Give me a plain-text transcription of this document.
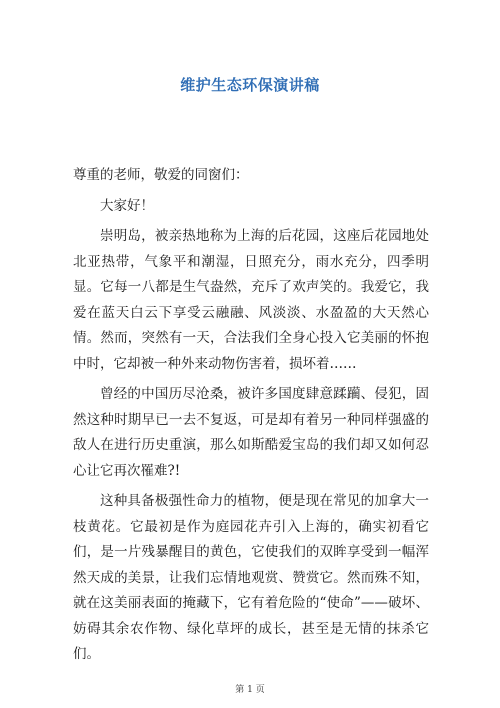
维护生态环保演讲稿

尊重的老师，敬爱的同窗们：

大家好！

崇明岛，被亲热地称为上海的后花园，这座后花园地处北亚热带，气象平和潮湿，日照充分，雨水充分，四季明显。它每一八都是生气盎然，充斥了欢声笑的。我爱它，我爱在蓝天白云下享受云融融、风淡淡、水盈盈的大天然心情。然而，突然有一天，合法我们全身心投入它美丽的怀抱中时，它却被一种外来动物伤害着，损坏着……

曾经的中国历尽沧桑，被许多国度肆意蹂躏、侵犯，固然这种时期早已一去不复返，可是却有着另一种同样强盛的敌人在进行历史重演，那么如斯酷爱宝岛的我们却又如何忍心让它再次罹难?!

这种具备极强性命力的植物，便是现在常见的加拿大一枝黄花。它最初是作为庭园花卉引入上海的，确实初看它们，是一片残暴醒目的黄色，它使我们的双眸享受到一幅浑然天成的美景，让我们忘情地观赏、赞赏它。然而殊不知，就在这美丽表面的掩藏下，它有着危险的“使命”——破坏、妨碍其余农作物、绿化草坪的成长，甚至是无情的抹杀它们。

第 1 页
